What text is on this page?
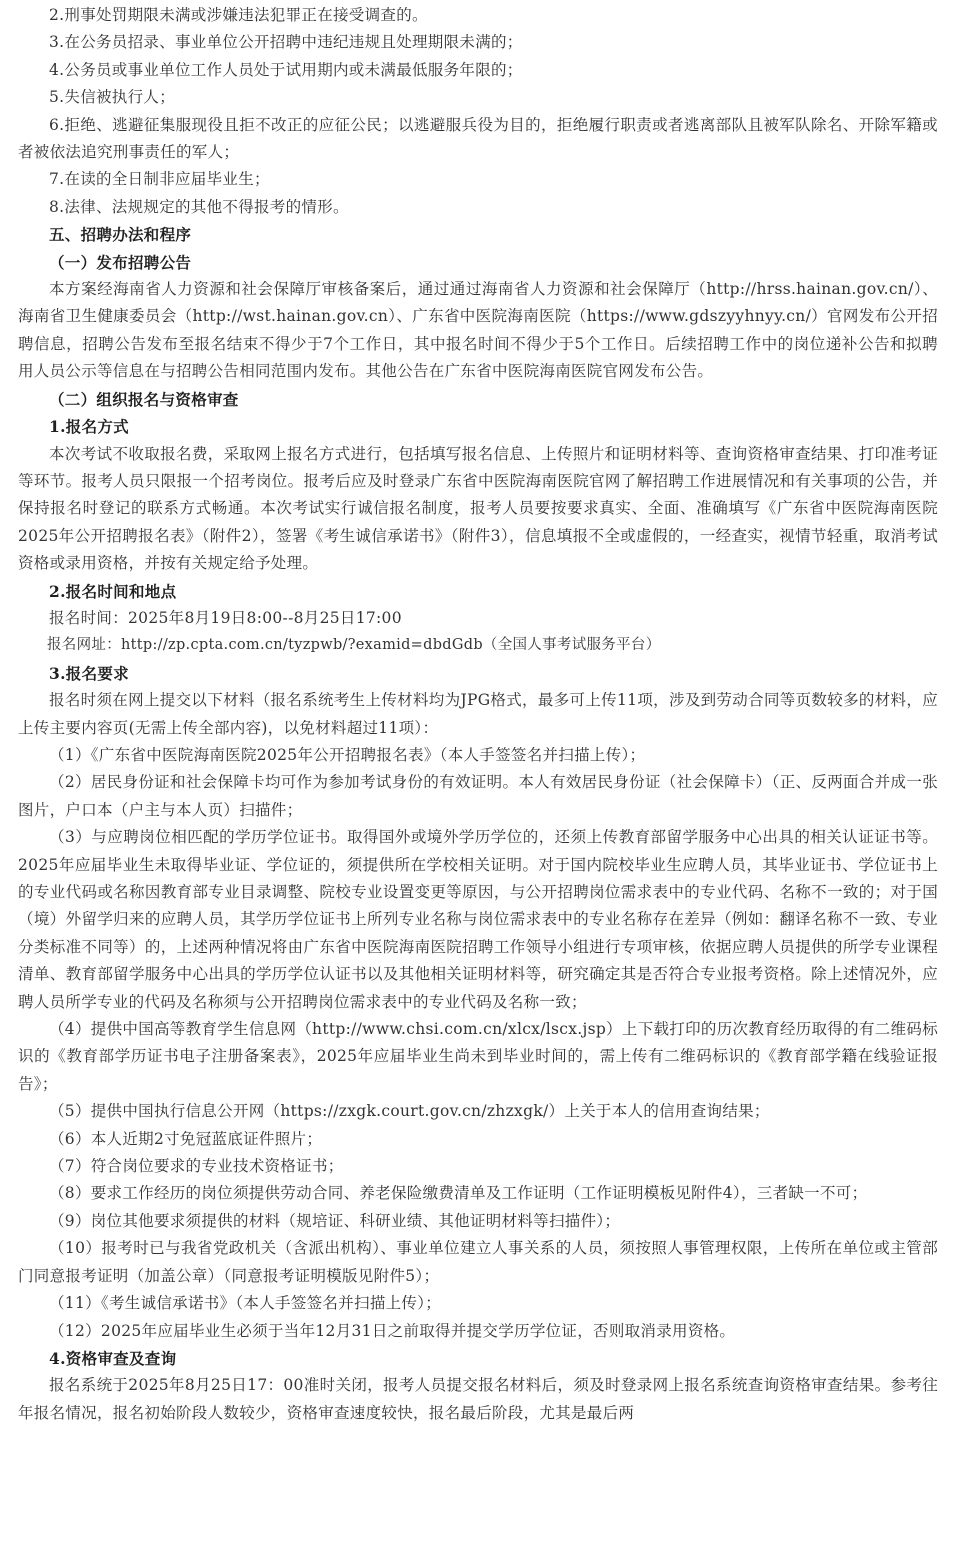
2.刑事处罚期限未满或涉嫌违法犯罪正在接受调查的。

3.在公务员招录、事业单位公开招聘中违纪违规且处理期限未满的；

4.公务员或事业单位工作人员处于试用期内或未满最低服务年限的；

5.失信被执行人；

6.拒绝、逃避征集服现役且拒不改正的应征公民；以逃避服兵役为目的，拒绝履行职责或者逃离部队且被军队除名、开除军籍或者被依法追究刑事责任的军人；

7.在读的全日制非应届毕业生；

8.法律、法规规定的其他不得报考的情形。

五、招聘办法和程序

（一）发布招聘公告

本方案经海南省人力资源和社会保障厅审核备案后，通过通过海南省人力资源和社会保障厅（http://hrss.hainan.gov.cn/）、海南省卫生健康委员会（http://wst.hainan.gov.cn）、广东省中医院海南医院（https://www.gdszyyhnyy.cn/）官网发布公开招聘信息，招聘公告发布至报名结束不得少于7个工作日，其中报名时间不得少于5个工作日。后续招聘工作中的岗位递补公告和拟聘用人员公示等信息在与招聘公告相同范围内发布。其他公告在广东省中医院海南医院官网发布公告。

（二）组织报名与资格审查

1.报名方式

本次考试不收取报名费，采取网上报名方式进行，包括填写报名信息、上传照片和证明材料等、查询资格审查结果、打印准考证等环节。报考人员只限报一个招考岗位。报考后应及时登录广东省中医院海南医院官网了解招聘工作进展情况和有关事项的公告，并保持报名时登记的联系方式畅通。本次考试实行诚信报名制度，报考人员要按要求真实、全面、准确填写《广东省中医院海南医院2025年公开招聘报名表》（附件2），签署《考生诚信承诺书》（附件3），信息填报不全或虚假的，一经查实，视情节轻重，取消考试资格或录用资格，并按有关规定给予处理。

2.报名时间和地点

报名时间：2025年8月19日8:00--8月25日17:00

报名网址：http://zp.cpta.com.cn/tyzpwb/?examid=dbdGdb（全国人事考试服务平台）

3.报名要求

报名时须在网上提交以下材料（报名系统考生上传材料均为JPG格式，最多可上传11项，涉及到劳动合同等页数较多的材料，应上传主要内容页(无需上传全部内容)，以免材料超过11项）：

（1）《广东省中医院海南医院2025年公开招聘报名表》（本人手签签名并扫描上传）；

（2）居民身份证和社会保障卡均可作为参加考试身份的有效证明。本人有效居民身份证（社会保障卡）（正、反两面合并成一张图片，户口本（户主与本人页）扫描件；

（3）与应聘岗位相匹配的学历学位证书。取得国外或境外学历学位的，还须上传教育部留学服务中心出具的相关认证证书等。2025年应届毕业生未取得毕业证、学位证的，须提供所在学校相关证明。对于国内院校毕业生应聘人员，其毕业证书、学位证书上的专业代码或名称因教育部专业目录调整、院校专业设置变更等原因，与公开招聘岗位需求表中的专业代码、名称不一致的；对于国（境）外留学归来的应聘人员，其学历学位证书上所列专业名称与岗位需求表中的专业名称存在差异（例如：翻译名称不一致、专业分类标准不同等）的，上述两种情况将由广东省中医院海南医院招聘工作领导小组进行专项审核，依据应聘人员提供的所学专业课程清单、教育部留学服务中心出具的学历学位认证书以及其他相关证明材料等，研究确定其是否符合专业报考资格。除上述情况外，应聘人员所学专业的代码及名称须与公开招聘岗位需求表中的专业代码及名称一致；

（4）提供中国高等教育学生信息网（http://www.chsi.com.cn/xlcx/lscx.jsp）上下载打印的历次教育经历取得的有二维码标识的《教育部学历证书电子注册备案表》，2025年应届毕业生尚未到毕业时间的，需上传有二维码标识的《教育部学籍在线验证报告》；

（5）提供中国执行信息公开网（https://zxgk.court.gov.cn/zhzxgk/）上关于本人的信用查询结果；

（6）本人近期2寸免冠蓝底证件照片；

（7）符合岗位要求的专业技术资格证书；

（8）要求工作经历的岗位须提供劳动合同、养老保险缴费清单及工作证明（工作证明模板见附件4），三者缺一不可；

（9）岗位其他要求须提供的材料（规培证、科研业绩、其他证明材料等扫描件）；

（10）报考时已与我省党政机关（含派出机构）、事业单位建立人事关系的人员，须按照人事管理权限，上传所在单位或主管部门同意报考证明（加盖公章）（同意报考证明模版见附件5）；

（11）《考生诚信承诺书》（本人手签签名并扫描上传）；

（12）2025年应届毕业生必须于当年12月31日之前取得并提交学历学位证，否则取消录用资格。

4.资格审查及查询

报名系统于2025年8月25日17：00准时关闭，报考人员提交报名材料后，须及时登录网上报名系统查询资格审查结果。参考往年报名情况，报名初始阶段人数较少，资格审查速度较快，报名最后阶段，尤其是最后两
